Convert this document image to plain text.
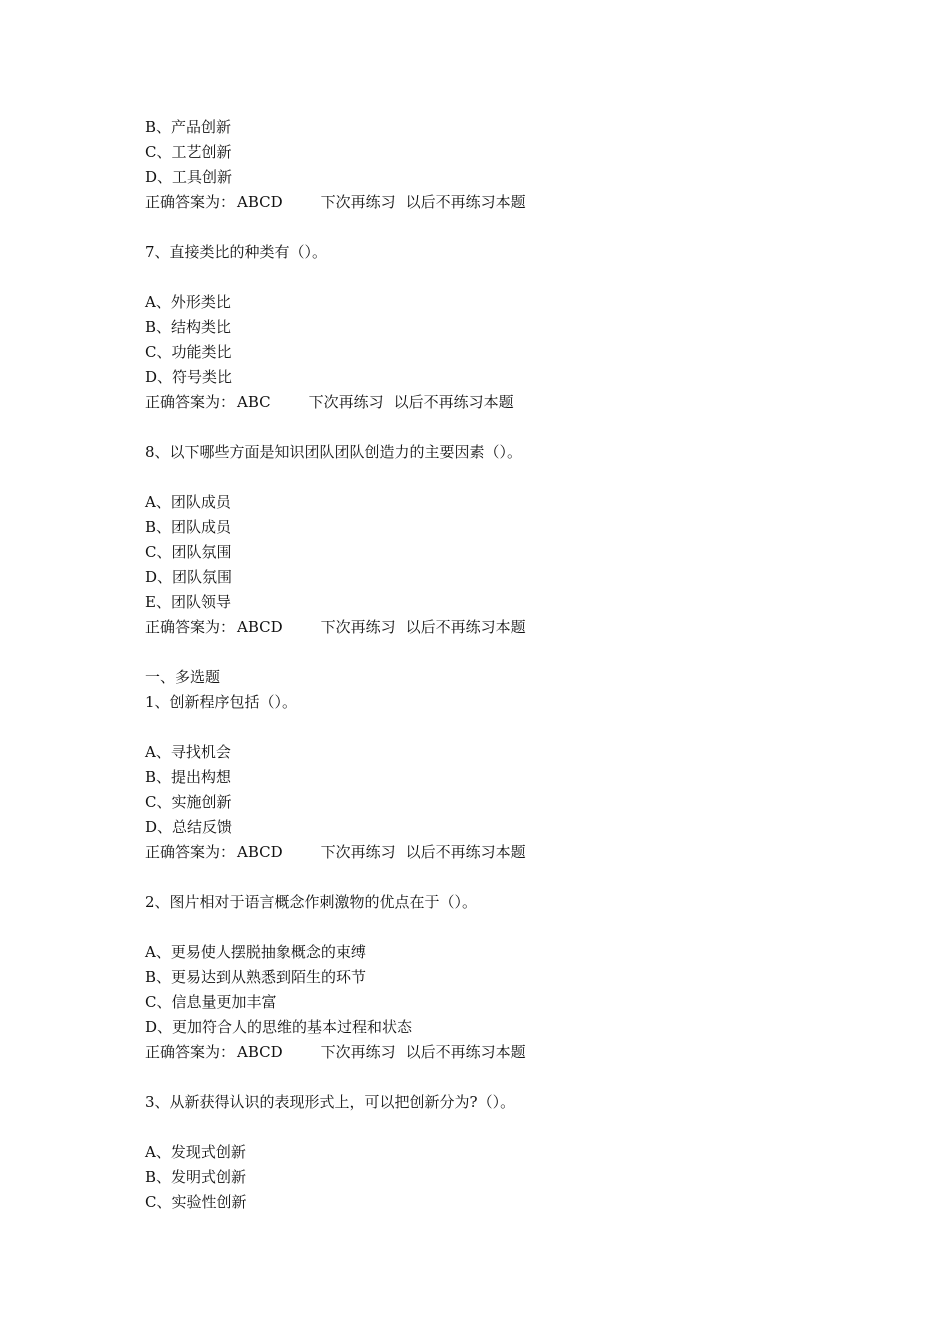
B、产品创新
C、工艺创新
D、工具创新
正确答案为： ABCD	下次再练习 以后不再练习本题
7、直接类比的种类有（）。
A、外形类比
B、结构类比
C、功能类比
D、符号类比
正确答案为： ABC	下次再练习 以后不再练习本题
8、以下哪些方面是知识团队团队创造力的主要因素（）。
A、团队成员
B、团队成员
C、团队氛围
D、团队氛围
E、团队领导
正确答案为： ABCD	下次再练习 以后不再练习本题
一、多选题
1、创新程序包括（）。
A、寻找机会
B、提出构想
C、实施创新
D、总结反馈
正确答案为： ABCD	下次再练习 以后不再练习本题
2、图片相对于语言概念作刺激物的优点在于（）。
A、更易使人摆脱抽象概念的束缚
B、更易达到从熟悉到陌生的环节
C、信息量更加丰富
D、更加符合人的思维的基本过程和状态
正确答案为： ABCD	下次再练习 以后不再练习本题
3、从新获得认识的表现形式上，可以把创新分为?（）。
A、发现式创新
B、发明式创新
C、实验性创新
